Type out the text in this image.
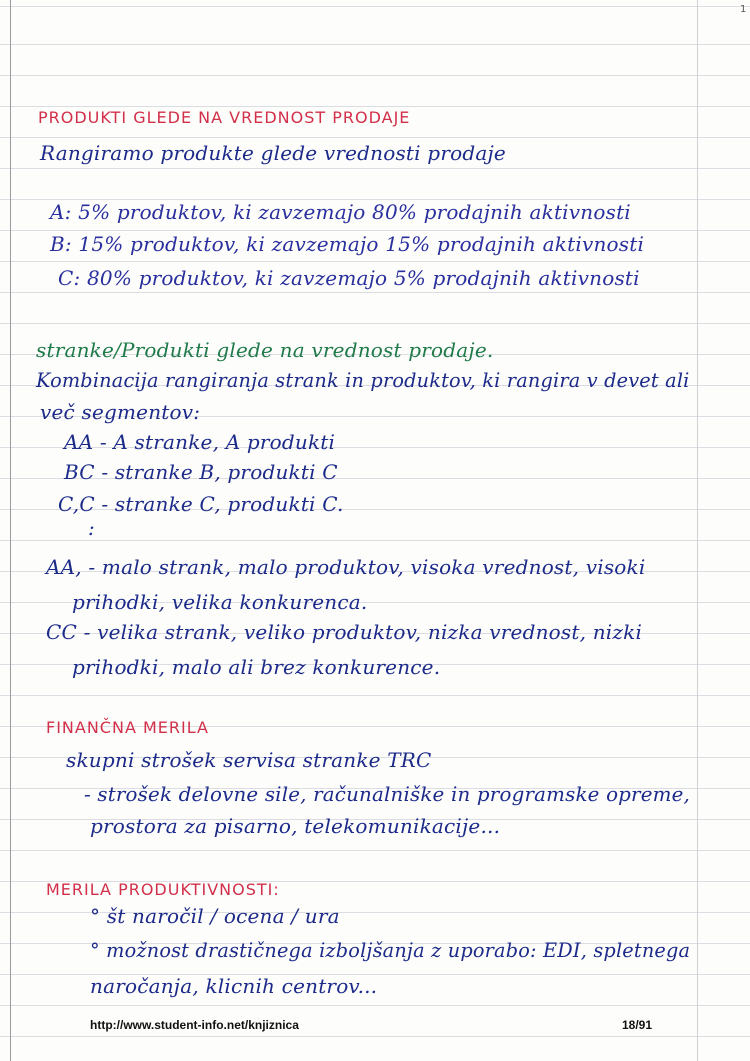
1
PRODUKTI GLEDE NA VREDNOST PRODAJE
Rangiramo produkte glede vrednosti prodaje
A: 5% produktov, ki zavzemajo 80% prodajnih aktivnosti
B: 15% produktov, ki zavzemajo 15% prodajnih aktivnosti
C: 80% produktov, ki zavzemajo 5% prodajnih aktivnosti
stranke/Produkti glede na vrednost prodaje.
Kombinacija rangiranja strank in produktov, ki rangira v devet ali
več segmentov:
AA - A stranke, A produkti
BC - stranke B, produkti C
C,C - stranke C, produkti C.
:
AA, - malo strank, malo produktov, visoka vrednost, visoki
prihodki, velika konkurenca.
CC - velika strank, veliko produktov, nizka vrednost, nizki
prihodki, malo ali brez konkurence.
FINANČNA MERILA
skupni strošek servisa stranke TRC
- strošek delovne sile, računalniške in programske opreme,
prostora za pisarno, telekomunikacije...
MERILA PRODUKTIVNOSTI:
° št naročil / ocena / ura
° možnost drastičnega izboljšanja z uporabo: EDI, spletnega
naročanja, klicnih centrov...
http://www.student-info.net/knjiznica	18/91
